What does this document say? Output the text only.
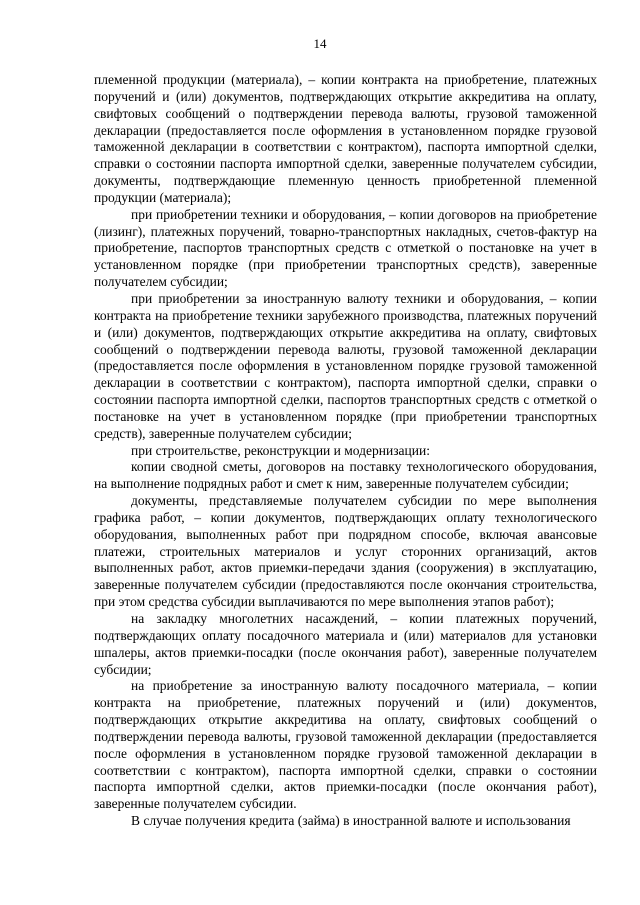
14

племенной продукции (материала), – копии контракта на приобретение, платежных поручений и (или) документов, подтверждающих открытие аккредитива на оплату, свифтовых сообщений о подтверждении перевода валюты, грузовой таможенной декларации (предоставляется после оформления в установленном порядке грузовой таможенной декларации в соответствии с контрактом), паспорта импортной сделки, справки о состоянии паспорта импортной сделки, заверенные получателем субсидии, документы, подтверждающие племенную ценность приобретенной племенной продукции (материала);

при приобретении техники и оборудования, – копии договоров на приобретение (лизинг), платежных поручений, товарно-транспортных накладных, счетов-фактур на приобретение, паспортов транспортных средств с отметкой о постановке на учет в установленном порядке (при приобретении транспортных средств), заверенные получателем субсидии;

при приобретении за иностранную валюту техники и оборудования, – копии контракта на приобретение техники зарубежного производства, платежных поручений и (или) документов, подтверждающих открытие аккредитива на оплату, свифтовых сообщений о подтверждении перевода валюты, грузовой таможенной декларации (предоставляется после оформления в установленном порядке грузовой таможенной декларации в соответствии с контрактом), паспорта импортной сделки, справки о состоянии паспорта импортной сделки, паспортов транспортных средств с отметкой о постановке на учет в установленном порядке (при приобретении транспортных средств), заверенные получателем субсидии;

при строительстве, реконструкции и модернизации:

копии сводной сметы, договоров на поставку технологического оборудования, на выполнение подрядных работ и смет к ним, заверенные получателем субсидии;

документы, представляемые получателем субсидии по мере выполнения графика работ, – копии документов, подтверждающих оплату технологического оборудования, выполненных работ при подрядном способе, включая авансовые платежи, строительных материалов и услуг сторонних организаций, актов выполненных работ, актов приемки-передачи здания (сооружения) в эксплуатацию, заверенные получателем субсидии (предоставляются после окончания строительства, при этом средства субсидии выплачиваются по мере выполнения этапов работ);

на закладку многолетних насаждений, – копии платежных поручений, подтверждающих оплату посадочного материала и (или) материалов для установки шпалеры, актов приемки-посадки (после окончания работ), заверенные получателем субсидии;

на приобретение за иностранную валюту посадочного материала, – копии контракта на приобретение, платежных поручений и (или) документов, подтверждающих открытие аккредитива на оплату, свифтовых сообщений о подтверждении перевода валюты, грузовой таможенной декларации (предоставляется после оформления в установленном порядке грузовой таможенной декларации в соответствии с контрактом), паспорта импортной сделки, справки о состоянии паспорта импортной сделки, актов приемки-посадки (после окончания работ), заверенные получателем субсидии.

В случае получения кредита (займа) в иностранной валюте и использования
